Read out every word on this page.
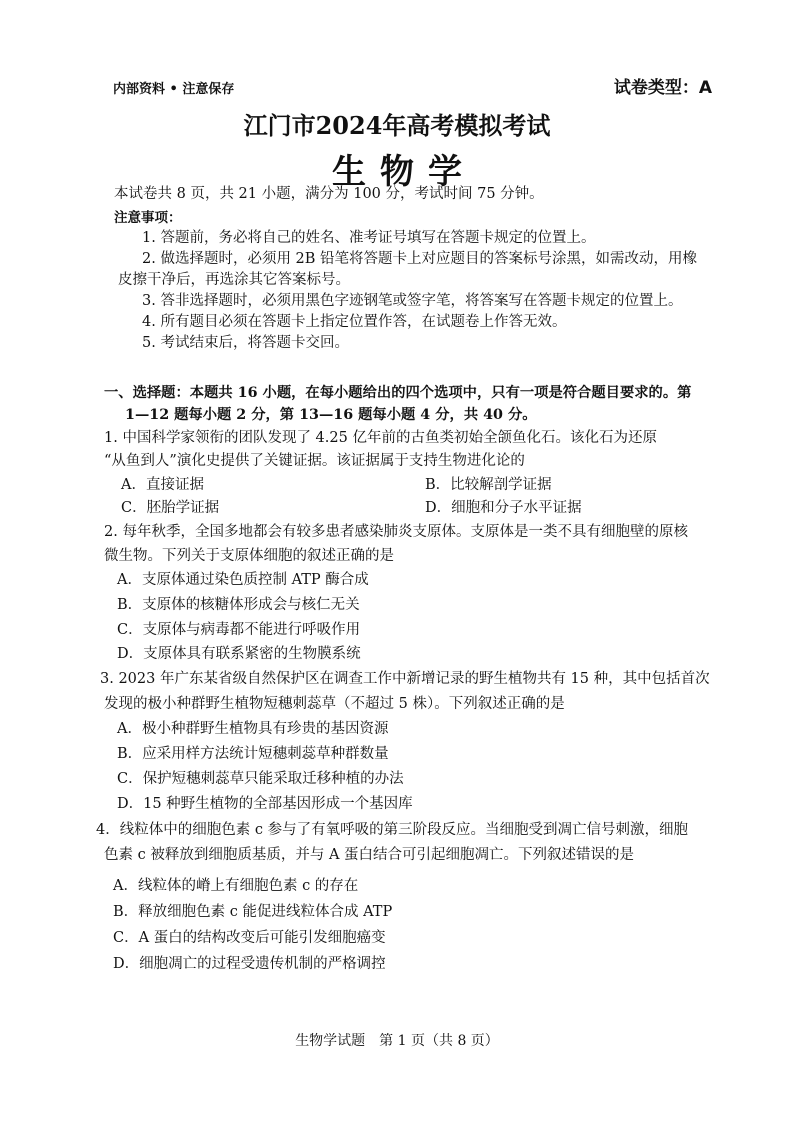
内部资料 • 注意保存	试卷类型：A
江门市2024年高考模拟考试
生物学
本试卷共 8 页，共 21 小题，满分为 100 分，考试时间 75 分钟。
注意事项：
1. 答题前，务必将自己的姓名、准考证号填写在答题卡规定的位置上。
2. 做选择题时，必须用 2B 铅笔将答题卡上对应题目的答案标号涂黑，如需改动，用橡
皮擦干净后，再选涂其它答案标号。
3. 答非选择题时，必须用黑色字迹钢笔或签字笔，将答案写在答题卡规定的位置上。
4. 所有题目必须在答题卡上指定位置作答，在试题卷上作答无效。
5. 考试结束后，将答题卡交回。
一、选择题：本题共 16 小题，在每小题给出的四个选项中，只有一项是符合题目要求的。第
1—12 题每小题 2 分，第 13—16 题每小题 4 分，共 40 分。
1. 中国科学家领衔的团队发现了 4.25 亿年前的古鱼类初始全颌鱼化石。该化石为还原
“从鱼到人”演化史提供了关键证据。该证据属于支持生物进化论的
A．直接证据	B．比较解剖学证据
C．胚胎学证据	D．细胞和分子水平证据
2. 每年秋季，全国多地都会有较多患者感染肺炎支原体。支原体是一类不具有细胞壁的原核
微生物。下列关于支原体细胞的叙述正确的是
A．支原体通过染色质控制 ATP 酶合成
B．支原体的核糖体形成会与核仁无关
C．支原体与病毒都不能进行呼吸作用
D．支原体具有联系紧密的生物膜系统
3. 2023 年广东某省级自然保护区在调查工作中新增记录的野生植物共有 15 种，其中包括首次
发现的极小种群野生植物短穗刺蕊草（不超过 5 株）。下列叙述正确的是
A．极小种群野生植物具有珍贵的基因资源
B．应采用样方法统计短穗刺蕊草种群数量
C．保护短穗刺蕊草只能采取迁移种植的办法
D．15 种野生植物的全部基因形成一个基因库
4．线粒体中的细胞色素 c 参与了有氧呼吸的第三阶段反应。当细胞受到凋亡信号刺激，细胞
色素 c 被释放到细胞质基质，并与 A 蛋白结合可引起细胞凋亡。下列叙述错误的是
A．线粒体的嵴上有细胞色素 c 的存在
B．释放细胞色素 c 能促进线粒体合成 ATP
C．A 蛋白的结构改变后可能引发细胞癌变
D．细胞凋亡的过程受遗传机制的严格调控
生物学试题　第 1 页（共 8 页）
